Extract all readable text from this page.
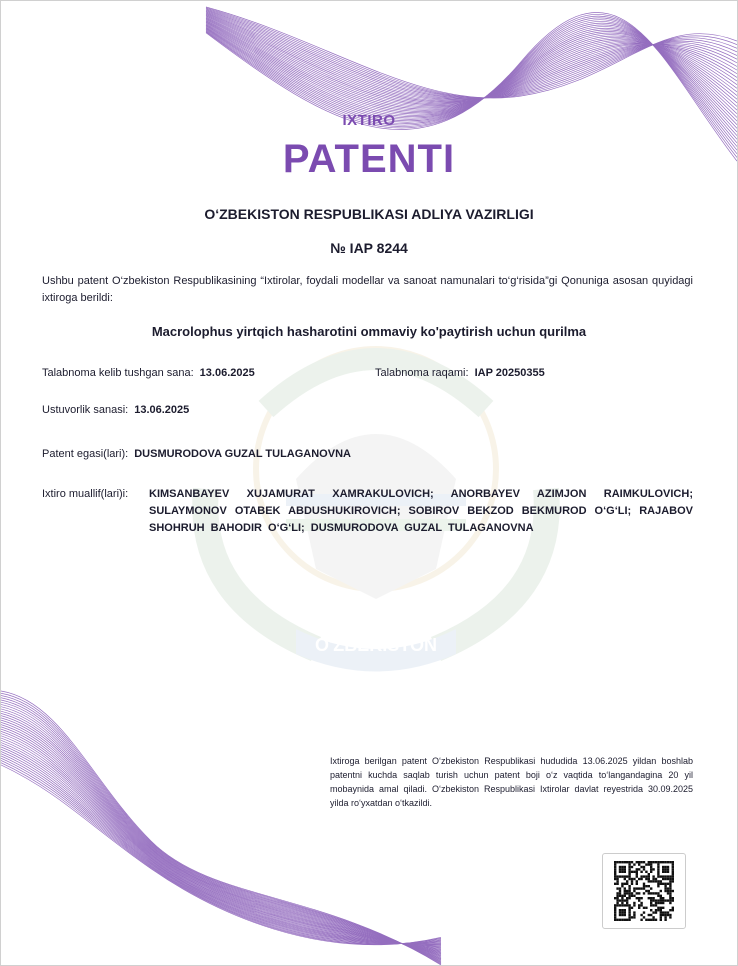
O'ZBEKISTON
IXTIRO
PATENTI
O‘ZBEKISTON RESPUBLIKASI ADLIYA VAZIRLIGI
№ IAP 8244
Ushbu patent O‘zbekiston Respublikasining “Ixtirolar, foydali modellar va sanoat namunalari to‘g‘risida”gi Qonuniga asosan quyidagi ixtiroga berildi:
Macrolophus yirtqich hasharotini ommaviy ko'paytirish uchun qurilma
Talabnoma kelib tushgan sana: 13.06.2025	Talabnoma raqami: IAP 20250355
Ustuvorlik sanasi: 13.06.2025
Patent egasi(lari): DUSMURODOVA GUZAL TULAGANOVNA
Ixtiro muallif(lari)i: KIMSANBAYEV XUJAMURAT XAMRAKULOVICH; ANORBAYEV AZIMJON RAIMKULOVICH; SULAYMONOV OTABEK ABDUSHUKIROVICH; SOBIROV BEKZOD BEKMUROD O‘G‘LI; RAJABOV SHOHRUH BAHODIR O‘G‘LI; DUSMURODOVA GUZAL TULAGANOVNA
Ixtiroga berilgan patent O‘zbekiston Respublikasi hududida 13.06.2025 yildan boshlab patentni kuchda saqlab turish uchun patent boji o‘z vaqtida to‘langandagina 20 yil mobaynida amal qiladi. O‘zbekiston Respublikasi Ixtirolar davlat reyestrida 30.09.2025 yilda ro‘yxatdan o‘tkazildi.
